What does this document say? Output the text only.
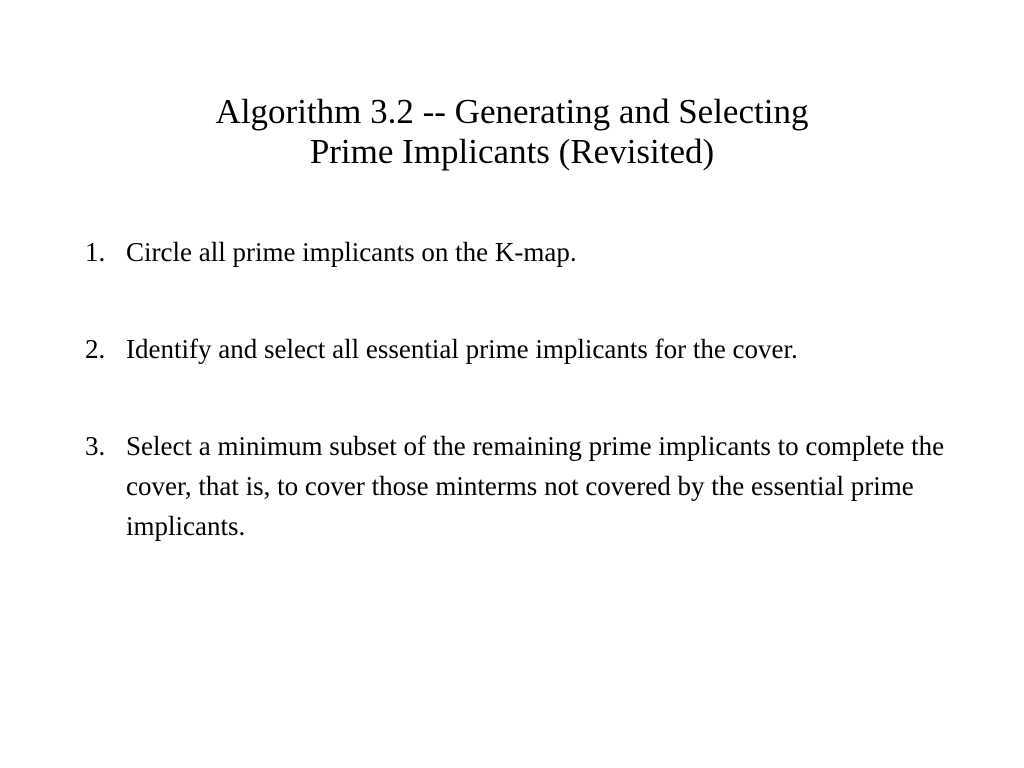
Algorithm 3.2 -- Generating and Selecting
Prime Implicants (Revisited)
1. Circle all prime implicants on the K-map.
2. Identify and select all essential prime implicants for the cover.
3. Select a minimum subset of the remaining prime implicants to complete the cover, that is, to cover those minterms not covered by the essential prime implicants.
